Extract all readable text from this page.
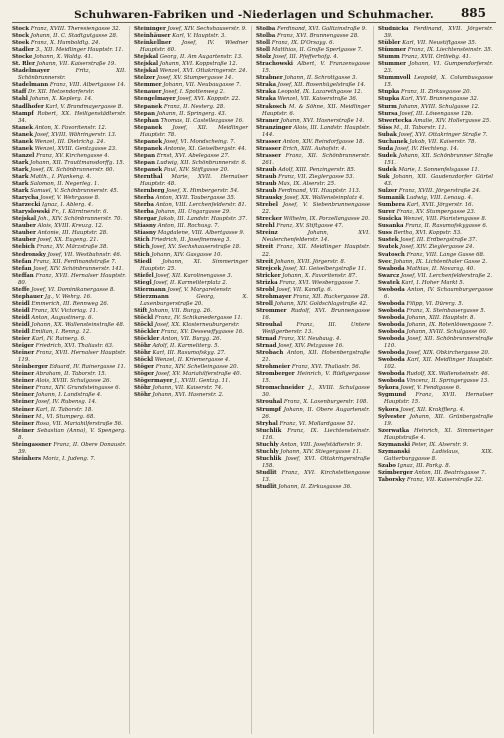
Schuhwaren-Fabriken und -Niederlagen und Schuhmacher. 885

Stock Franz, XVIII. Theresiengasse 32.

Stock Johann, II. C. Stadtgutgasse 28.

Stoek Franz, X. Humboldtg. 24.

Stadler 3., XII. Meidlinger Hauptstr. 11.

Stocke Johann, X. Waldg. 41.

St. Rler Johann, VII. Kaiserstraße 19.

Stadelmayer	Fritz, XII. Schönbrunnerstr.

Stadelmann Franz, VIII. Albertgasse 14.

Staff Dr. XII. Hetzendorferstr.

Stahl Johann, X. Keplerg. 14.

Stadlhofer Karl, V. Brandmayergasse 8.

Stampf Robert, XX. Heiligenstädterstr. 34.

Stanek Anton, X. Favoritenstr. 12.

Stanek Josef, XVIII. Währingerstr. 13.

Stanek Wenzel, III. Dietrichg. 24.

Stanek Wenzel, XVIII. Gentzgasse 23.

Stanzel Franz, XV. Kirchengasse 4.

Stark Johann, XII. Trauttmansdorffg. 15.

Stark Josef, IX. Schönbrunnerstr. 60.

Stark Matth., I. Plankeng. 4.

Stark Salomon, II. Negerleg. 1.

Stark Samuel, V. Schönbrunnerstr. 45.

Starycha Josef, V. Wehrgasse 8.

Starzecki Ignaz, I. Ablerg. 4.

Staryslowski Fr., I. Kärntnerstr. 6.

Stejskal Joh., XIV. Schönbrunnerstr. 70.

Stauber Alois, XVIII. Kreuzg. 12.

Stauber Antonie, III. Hauptstr. 28.

Stauber Josef, XX. Eugeng. 21.

Stebich Franz, XV. Märzstraße 38.

Stedronsky Josef, VII. Westbahnstr. 46.

Stefan Franz, XII. Ferdinandstraße 7.

Stefan Josef, XIV. Schönbrunnerstr. 141.

Steffan Franz, XVII. Hernalser Hauptstr. 80.

Steffe Josef, VI. Dominikanergasse 8.

Stephauer Jg., V. Wehrg. 16.

Steidl Emmerich, III. Rennweg 26.

Steidl Franz, XV. Victoriag. 11.

Steidl Anton, Augustinerg. 6.

Steidl Johann, XX. Wallensteinstraße 48.

Steidl Emilian, I. Renng. 12.

Steier Karl, IV. Rainerg. 6.

Steiger Friedrich, XVI. Thaliastr. 63.

Steiner Franz, XVII. Hernalser Hauptstr. 119.

Steinberger Eduard, IV. Rainergasse 11.

Steiner Abraham, II. Taborstr. 15.

Steiner Alois, XVIII. Schulgasse 26.

Steiner Franz, XIV. Grundsteingasse 6.

Steiner Johann, I. Landstraße 4.

Steiner Josef, IV. Rubensg. 14.

Steiner Karl, II. Taborstr. 18.

Steiner M., VI. Stumperg. 68.

Steiner Rosa, VII. Mariahilferstraße 56.

Steiner Sebastian (Anna), V. Spengerg. 8.

Steingassner Franz, II. Obere Donaustr. 39.

Steinhers Moriz, I. Judeng. 7.

Steininger Josef, XIV. Sechshauserstr. 9.

Steinhäuser Karl, V. Hauptstr. 3.

Steinkellner Josef, IV. Wiedner Hauptstr. 60.

Stejskal Georg, II. Am Augartenstr. 13.

Stejskal Johann, XVI. Koppstraße 12.

Stejskal Wenzel, XVI. Ottakringerstr. 24.

Stelzer Josef, XV. Stumpergasse 14.

Stemmer Johann, VII. Neubaugasse 7.

Stenauer Josef, I. Spottenweg 2.

Stengelmayer Josef, XVI. Koppstr. 22.

Stepanek Franz, II. Nesterg. 28.

Stepan Johann, II. Springerg. 43.

Stephan Thomas, II. Castellezgasse 16.

Stepanek Josef, XII. Meidlinger Hauptstr. 78.

Stepanek Josef, VI. Mondscheing. 7.

Stepanek Antonie, XI. Geiselbergstr. 44.

Stepan Ernst, XVI. Abelegasse 27.

Stepan Ludwig, XII. Schönbrunnerstr. 6.

Stepanek Paul, XIV. Stiftgasse 20.

Sternthal Marie, XVII. Hernalser Hauptstr. 48.

Sternberg Josef, X. Himbergerstr. 54.

Sterba Anton, XVII. Taubergasse 35.

Sterba Anton, VIII. Lerchenfelderstr. 81.

Sterba Johann, III. Ungargasse 29.

Stergar Jakob, III. Landstr. Hauptstr. 37.

Stiasny Anton, III. Rochusg. 7.

Stiasny Magdalene, VIII. Albertgasse 9.

Stich Friedrich, II. Josefinenweg 3.

Stich Josef, XV. Sechshauserstraße 18.

Stich Johann, XIV. Gasgasse 10.

Stiedl Johann, XI. Simmeringer Hauptstr. 25.

Stiefel Josef, XII. Karolinengasse 3.

Stiegl Josef, II. Karmeliterplatz 2.

Stiermann Josef, V. Margaretenstr.

Stierzmann	Georg, X. Laxenburgerstraße 20.

Stift Johann, VII. Burgg. 26.

Stöckl Franz, IV. Schikanedergasse 11.

Stöckl Josef, XX. Klosterneuburgerstr.

Stöckler Franz, XV. Dessewffygasse 16.

Stöckler Anton, VII. Burgg. 26.

Stöhr Adolf, II. Karmeliterg. 5.

Stöhr Karl, III. Rasumofskyg. 27.

Stöckl Wenzel, II. Kriemergasse 4.

Stöger Franz, XIV. Schelleingasse 20.

Stöger Josef, XV. Mariahilferstraße 40.

Stögermayer J., XVIII. Gentzg. 11.

Stöhr Johann, VII. Kaiserstr. 74.

Stöhr Johann, XVI. Hasnerstr. 2.

Stolba Ferdinand, XVI. Gallizinstraße 9.

Stolba Franz, XVI. Brunnengasse 28.

Stoll Franz, IX. D'Orsayg. 6.

Stoll Matthias, II. Große Sperlgasse 7.

Stolz Josef, III. Pfefferhofg. 4.

Strachowski Albert, V. Franzensgasse 15.

Strabner Johann, II. Schrottgasse 3.

Straka Josef, XII. Rosenhügelstraße 14.

Straka Leopold, IX. Lazarethgasse 12.

Straka Wenzel, VII. Kaiserstraße 36.

Strakosch M. & Söhne, XII. Meidlinger Hauptstr. 6.

Straner Johann, XVI. Hasnerstraße 14.

Stranzinger Alois, III. Landstr. Hauptstr. 144.

Strasser Anton, XIV. Reindorfgasse 18.

Strasser Erich, XIII. Auhofstr. 4.

Strasser Franz, XII. Schönbrunnerstr. 261.

Straub Adolf, XIII. Penzingerstr. 85.

Straub Franz, VII. Zieglergasse 53.

Straub Max, IX. Alserstr. 25.

Straub Ferdinand, VII. Hauptstr. 113.

Strausky Josef, XX. Wallensteinplatz 4.

Strebel Josef, V. Siebenbrunnengasse 22.

Strecker Wilhelm, IX. Porzellangasse 20.

Strehl Franz, XV. Stiftgasse 47.

Streinz	Johann, XVI. Neulerchenfelderstr. 14.

Streit Franz, XII. Meidlinger Hauptstr. 22.

Streit Johann, XVII. Jörgerstr. 8.

Strejcek Josef, XI. Geiselbergstraße 11.

Stricker Johann, X. Favoritenstr. 87.

Strizka Franz, XVI. Wiesberggasse 7.

Strobl Josef, VII. Kandlg. 6.

Strohmayer Franz, XII. Ruckergasse 28.

Stroll Johann, XIV. Goldschlagstraße 42.

Strommer Rudolf, XVI. Brunnengasse 16.

Strouhal	Franz, III. Untere Weißgerberstr. 13.

Strnad Franz, XV. Neubaug. 4.

Strnad Josef, XIV. Pelzgasse 16.

Strobach Anton, XII. Hohenbergstraße 21.

Strohmeier Franz, XVI. Thaliastr. 56.

Stromberger Heinrich, V. Rüdigergasse 15.

Stromschneider J., XVIII. Schulgasse 30.

Strouhal Franz, X. Laxenburgerstr. 108.

Strumpf Johann, II. Obere Augartenstr. 26.

Stryhal Franz, VI. Mollardgasse 51.

Stuchlik Franz, IX. Liechtensteinstr. 116.

Stuchly Anton, VIII. Josefstädterstr. 9.

Stuchly Johann, XIV. Stiegergasse 11.

Stuchlik Josef, XVI. Ottakringerstraße 158.

Studlit Franz, XVI. Kirchstettengasse 13.

Studlit Johann, II. Zirkusgasse 36.

Studnicka Ferdinand, XVII. Jörgerstr. 39.

Stübler Karl, VII. Neustiftgasse 35.

Stümmer Franz, IX. Liechtensteinstr. 35.

Stumm Franz, XVII. Ortliebg. 41.

Stummer Johann, VI. Gumpendorferstr. 23.

Stummvoll Leopold, X. Columbusgasse 15.

Stupka Franz, II. Zirkusgasse 20.

Stupka Karl, XVI. Brunnengasse 32.

Sturm Johann, XVIII. Schulgasse 12.

Stursa Josef, III. Löwengasse 12b.

Stwertecka Amalie, XIV. Hollergasse 25.

Süss M., II. Taborstr. 11.

Subak Josef, XVI. Ottakringer Straße 7.

Suchanek Jakob, VII. Kaiserstr. 78.

Suda Josef, IV. Hechteng. 14.

Sudek Johann, XII. Schönbrunner Straße 151.

Sudek Marie, I. Sonnenfelsgasse 11.

Suk Johann, XII. Gaudenzdorfer Gürtel 43.

Sulzer Franz, XVIII. Jörgerstraße 24.

Sumanik Ludwig, VIII. Lenaug. 4.

Sumbera Karl, XVII. Jörgerstr. 16.

Surer Franz, XV. Stumpergasse 23.

Susicka Wenzel, VIII. Piaristengasse 8.

Susanka Franz, II. Rasumofskygasse 6.

Suss Bertha, XVI. Koppstr. 53.

Sustek Josef, III. Erdbergstraße 37.

Svatek Josef, XIV. Zieglergasse 24.

Svatosch Franz, VIII. Lange Gasse 68.

Svec Johann, IX. Lichtenthaler Gasse 2.

Swaboda Mathias, II. Novarag. 40.

Swarcz Josef, VII. Lerchenfelderstraße 2.

Swatek Karl, I. Hoher Markt 5.

Swoboda Anton, IV. Schaumburgergasse 6.

Swoboda Filipp, VI. Dürerg. 5.

Swoboda Franz, X. Steinbauergasse 5.

Swoboda Johann, XIII. Hauptstr. 8.

Swoboda Johann, IX. Rotenlöwengasse 7.

Swoboda Johann, XVIII. Schulgasse 60.

Swoboda Josef, XII. Schönbrunnerstraße 110.

Swoboda Josef, XIX. Obkirchergasse 20.

Swoboda Karl, XII. Meidlinger Hauptstr. 102.

Swoboda Rudolf, XX. Wallensteinstr. 46.

Swoboda Vincenz, II. Springergasse 13.

Sykora Josef, V. Fendigasse 6.

Sygmund Franz, XVII. Hernalser Hauptstr. 15.

Sykora Josef, XII. Krakfflerg. 4.

Sylvester Johann, XII. Grünbergstraße 19.

Szerwatka Heinrich, XI. Simmeringer Hauptstraße 4.

Szymanski Peter, IX. Alserstr. 9.

Szymanski	Ladislaus, XIX. Gatterburggasse 8.

Szabo Ignaz, III. Parkg. 8.

Szimberger Anton, III. Beatrixgasse 7.

Taborsky Franz, VII. Kaiserstraße 32.
